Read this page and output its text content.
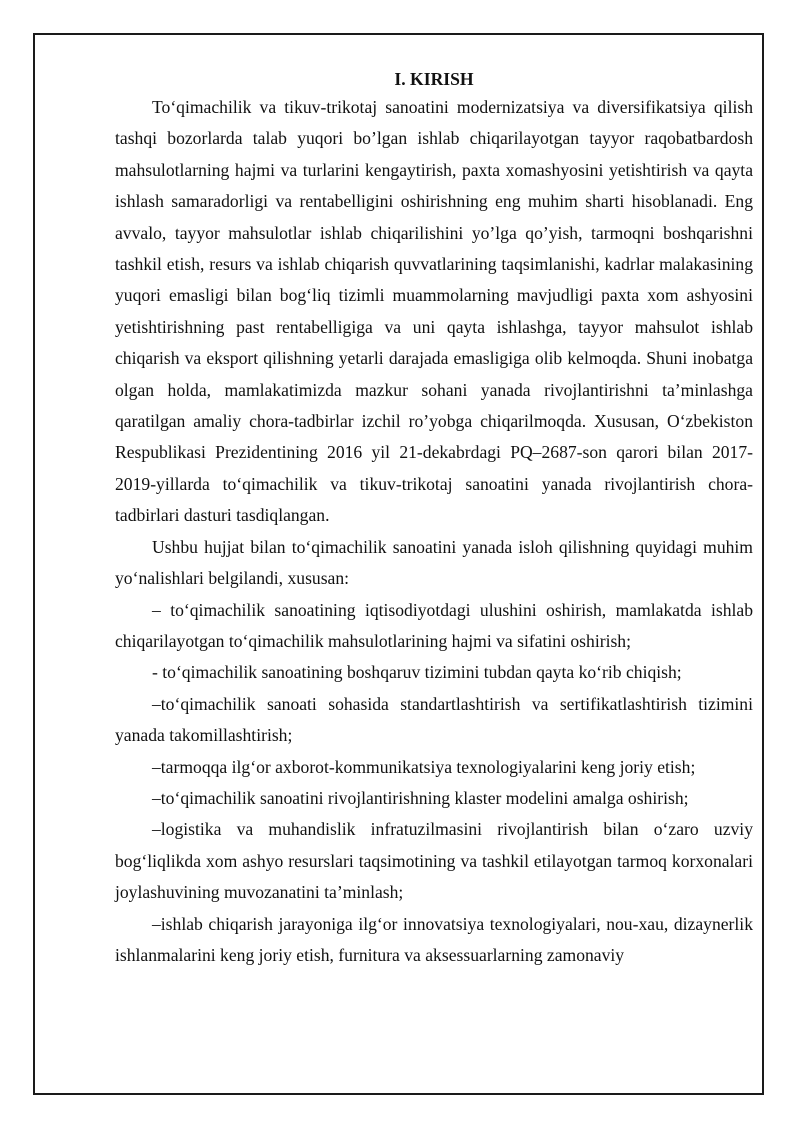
I. KIRISH

To‘qimachilik va tikuv-trikotaj sanoatini modernizatsiya va diversifikatsiya qilish tashqi bozorlarda talab yuqori bo’lgan ishlab chiqarilayotgan tayyor raqobatbardosh mahsulotlarning hajmi va turlarini kengaytirish, paxta xomashyosini yetishtirish va qayta ishlash samaradorligi va rentabelligini oshirishning eng muhim sharti hisoblanadi. Eng avvalo, tayyor mahsulotlar ishlab chiqarilishini yo’lga qo’yish, tarmoqni boshqarishni tashkil etish, resurs va ishlab chiqarish quvvatlarining taqsimlanishi, kadrlar malakasining yuqori emasligi bilan bog‘liq tizimli muammolarning mavjudligi paxta xom ashyosini yetishtirishning past rentabelligiga va uni qayta ishlashga, tayyor mahsulot ishlab chiqarish va eksport qilishning yetarli darajada emasligiga olib kelmoqda. Shuni inobatga olgan holda, mamlakatimizda mazkur sohani yanada rivojlantirishni ta’minlashga qaratilgan amaliy chora-tadbirlar izchil ro’yobga chiqarilmoqda. Xususan, O‘zbekiston Respublikasi Prezidentining 2016 yil 21-dekabrdagi PQ–2687-son qarori bilan 2017-2019-yillarda to‘qimachilik va tikuv-trikotaj sanoatini yanada rivojlantirish chora-tadbirlari dasturi tasdiqlangan.

Ushbu hujjat bilan to‘qimachilik sanoatini yanada isloh qilishning quyidagi muhim yo‘nalishlari belgilandi, xususan:

– to‘qimachilik sanoatining iqtisodiyotdagi ulushini oshirish, mamlakatda ishlab chiqarilayotgan to‘qimachilik mahsulotlarining hajmi va sifatini oshirish;

- to‘qimachilik sanoatining boshqaruv tizimini tubdan qayta ko‘rib chiqish;

–to‘qimachilik sanoati sohasida standartlashtirish va sertifikatlashtirish tizimini yanada takomillashtirish;

–tarmoqqa ilg‘or axborot-kommunikatsiya texnologiyalarini keng joriy etish;

–to‘qimachilik sanoatini rivojlantirishning klaster modelini amalga oshirish;

–logistika va muhandislik infratuzilmasini rivojlantirish bilan o‘zaro uzviy bog‘liqlikda xom ashyo resurslari taqsimotining va tashkil etilayotgan tarmoq korxonalari joylashuvining muvozanatini ta’minlash;

–ishlab chiqarish jarayoniga ilg‘or innovatsiya texnologiyalari, nou-xau, dizaynerlik ishlanmalarini keng joriy etish, furnitura va aksessuarlarning zamonaviy
